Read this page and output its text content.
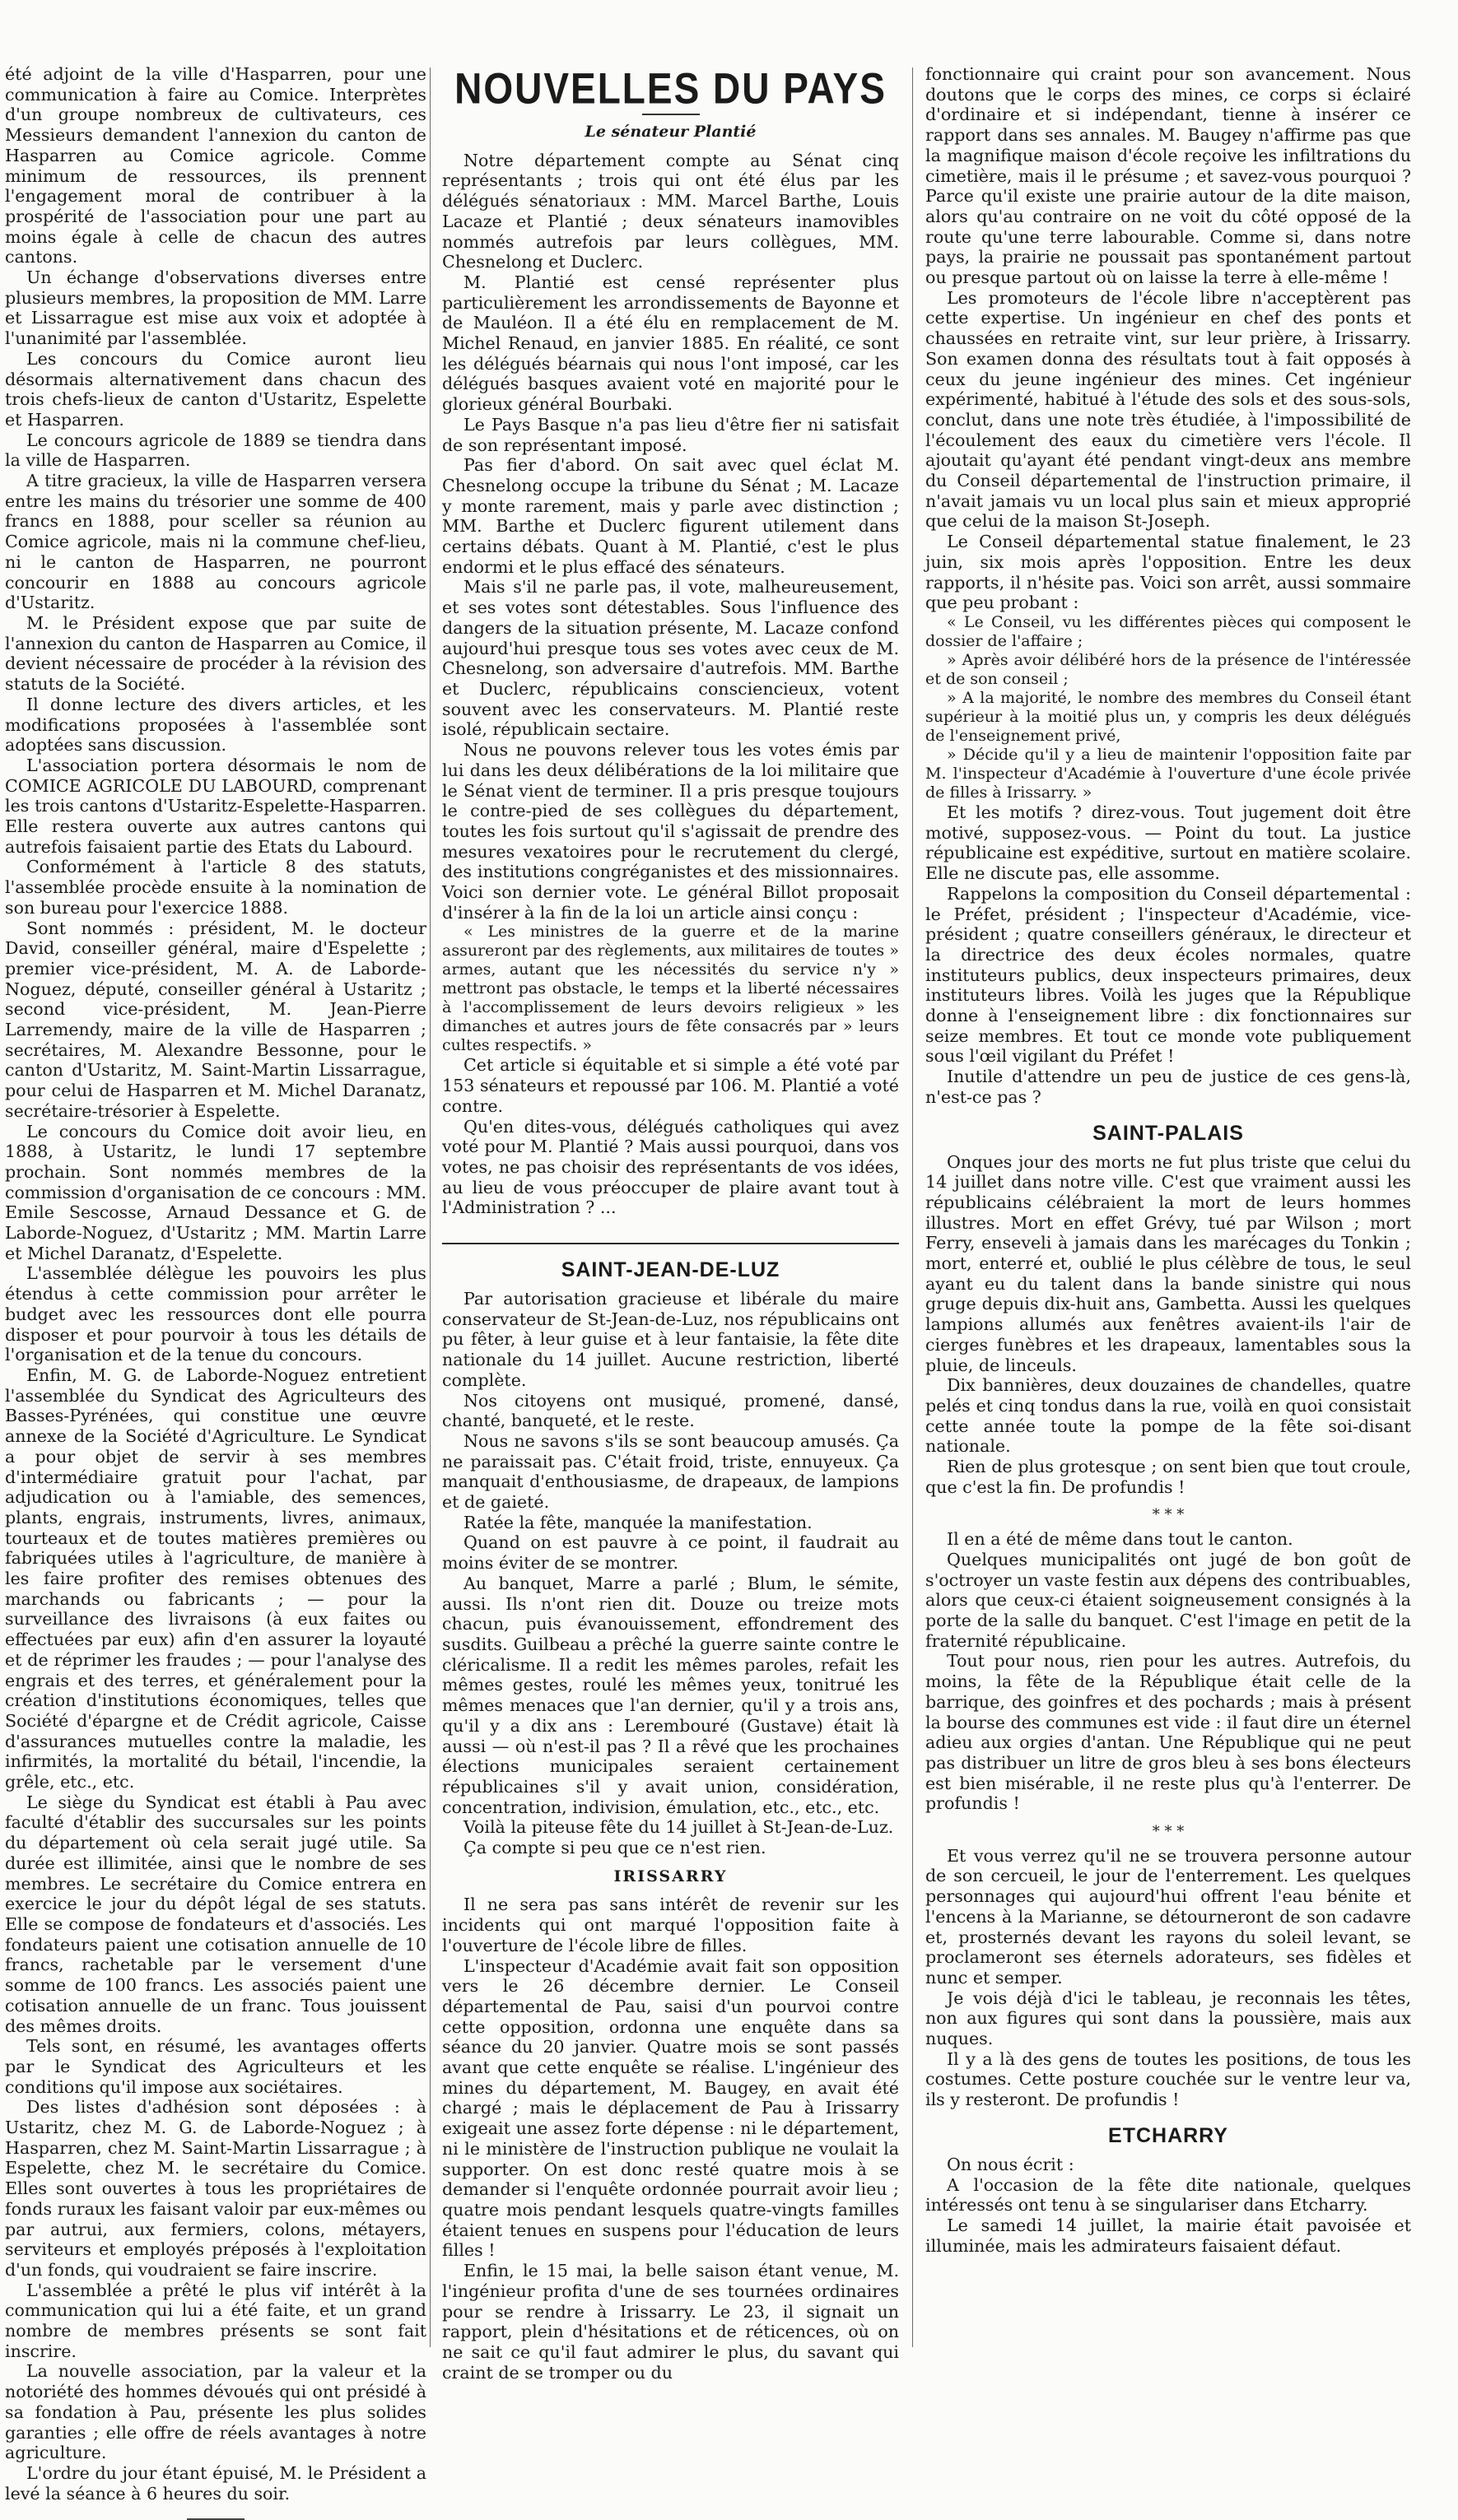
été adjoint de la ville d'Hasparren, pour une communication à faire au Comice. Interprètes d'un groupe nombreux de cultivateurs, ces Messieurs demandent l'annexion du canton de Hasparren au Comice agricole. Comme minimum de ressources, ils prennent l'engagement moral de contribuer à la prospérité de l'association pour une part au moins égale à celle de chacun des autres cantons.

Un échange d'observations diverses entre plusieurs membres, la proposition de MM. Larre et Lissarrague est mise aux voix et adoptée à l'unanimité par l'assemblée.

Les concours du Comice auront lieu désormais alternativement dans chacun des trois chefs-lieux de canton d'Ustaritz, Espelette et Hasparren.

Le concours agricole de 1889 se tiendra dans la ville de Hasparren.

A titre gracieux, la ville de Hasparren versera entre les mains du trésorier une somme de 400 francs en 1888, pour sceller sa réunion au Comice agricole, mais ni la commune chef-lieu, ni le canton de Hasparren, ne pourront concourir en 1888 au concours agricole d'Ustaritz.

M. le Président expose que par suite de l'annexion du canton de Hasparren au Comice, il devient nécessaire de procéder à la révision des statuts de la Société.

Il donne lecture des divers articles, et les modifications proposées à l'assemblée sont adoptées sans discussion.

L'association portera désormais le nom de COMICE AGRICOLE DU LABOURD, comprenant les trois cantons d'Ustaritz-Espelette-Hasparren. Elle restera ouverte aux autres cantons qui autrefois faisaient partie des Etats du Labourd.

Conformément à l'article 8 des statuts, l'assemblée procède ensuite à la nomination de son bureau pour l'exercice 1888.

Sont nommés : président, M. le docteur David, conseiller général, maire d'Espelette ; premier vice-président, M. A. de Laborde-Noguez, député, conseiller général à Ustaritz ; second vice-président, M. Jean-Pierre Larremendy, maire de la ville de Hasparren ; secrétaires, M. Alexandre Bessonne, pour le canton d'Ustaritz, M. Saint-Martin Lissarrague, pour celui de Hasparren et M. Michel Daranatz, secrétaire-trésorier à Espelette.

Le concours du Comice doit avoir lieu, en 1888, à Ustaritz, le lundi 17 septembre prochain. Sont nommés membres de la commission d'organisation de ce concours : MM. Emile Sescosse, Arnaud Dessance et G. de Laborde-Noguez, d'Ustaritz ; MM. Martin Larre et Michel Daranatz, d'Espelette.

L'assemblée délègue les pouvoirs les plus étendus à cette commission pour arrêter le budget avec les ressources dont elle pourra disposer et pour pourvoir à tous les détails de l'organisation et de la tenue du concours.

Enfin, M. G. de Laborde-Noguez entretient l'assemblée du Syndicat des Agriculteurs des Basses-Pyrénées, qui constitue une œuvre annexe de la Société d'Agriculture. Le Syndicat a pour objet de servir à ses membres d'intermédiaire gratuit pour l'achat, par adjudication ou à l'amiable, des semences, plants, engrais, instruments, livres, animaux, tourteaux et de toutes matières premières ou fabriquées utiles à l'agriculture, de manière à les faire profiter des remises obtenues des marchands ou fabricants ; — pour la surveillance des livraisons (à eux faites ou effectuées par eux) afin d'en assurer la loyauté et de réprimer les fraudes ; — pour l'analyse des engrais et des terres, et généralement pour la création d'institutions économiques, telles que Société d'épargne et de Crédit agricole, Caisse d'assurances mutuelles contre la maladie, les infirmités, la mortalité du bétail, l'incendie, la grêle, etc., etc.

Le siège du Syndicat est établi à Pau avec faculté d'établir des succursales sur les points du département où cela serait jugé utile. Sa durée est illimitée, ainsi que le nombre de ses membres. Le secrétaire du Comice entrera en exercice le jour du dépôt légal de ses statuts. Elle se compose de fondateurs et d'associés. Les fondateurs paient une cotisation annuelle de 10 francs, rachetable par le versement d'une somme de 100 francs. Les associés paient une cotisation annuelle de un franc. Tous jouissent des mêmes droits.

Tels sont, en résumé, les avantages offerts par le Syndicat des Agriculteurs et les conditions qu'il impose aux sociétaires.

Des listes d'adhésion sont déposées : à Ustaritz, chez M. G. de Laborde-Noguez ; à Hasparren, chez M. Saint-Martin Lissarrague ; à Espelette, chez M. le secrétaire du Comice. Elles sont ouvertes à tous les propriétaires de fonds ruraux les faisant valoir par eux-mêmes ou par autrui, aux fermiers, colons, métayers, serviteurs et employés préposés à l'exploitation d'un fonds, qui voudraient se faire inscrire.

L'assemblée a prêté le plus vif intérêt à la communication qui lui a été faite, et un grand nombre de membres présents se sont fait inscrire.

La nouvelle association, par la valeur et la notoriété des hommes dévoués qui ont présidé à sa fondation à Pau, présente les plus solides garanties ; elle offre de réels avantages à notre agriculture.

L'ordre du jour étant épuisé, M. le Président a levé la séance à 6 heures du soir.

NOUVELLES DU PAYS
Le sénateur Plantié

Notre département compte au Sénat cinq représentants ; trois qui ont été élus par les délégués sénatoriaux : MM. Marcel Barthe, Louis Lacaze et Plantié ; deux sénateurs inamovibles nommés autrefois par leurs collègues, MM. Chesnelong et Duclerc.

M. Plantié est censé représenter plus particulièrement les arrondissements de Bayonne et de Mauléon. Il a été élu en remplacement de M. Michel Renaud, en janvier 1885. En réalité, ce sont les délégués béarnais qui nous l'ont imposé, car les délégués basques avaient voté en majorité pour le glorieux général Bourbaki.

Le Pays Basque n'a pas lieu d'être fier ni satisfait de son représentant imposé.

Pas fier d'abord. On sait avec quel éclat M. Chesnelong occupe la tribune du Sénat ; M. Lacaze y monte rarement, mais y parle avec distinction ; MM. Barthe et Duclerc figurent utilement dans certains débats. Quant à M. Plantié, c'est le plus endormi et le plus effacé des sénateurs.

Mais s'il ne parle pas, il vote, malheureusement, et ses votes sont détestables. Sous l'influence des dangers de la situation présente, M. Lacaze confond aujourd'hui presque tous ses votes avec ceux de M. Chesnelong, son adversaire d'autrefois. MM. Barthe et Duclerc, républicains consciencieux, votent souvent avec les conservateurs. M. Plantié reste isolé, républicain sectaire.

Nous ne pouvons relever tous les votes émis par lui dans les deux délibérations de la loi militaire que le Sénat vient de terminer. Il a pris presque toujours le contre-pied de ses collègues du département, toutes les fois surtout qu'il s'agissait de prendre des mesures vexatoires pour le recrutement du clergé, des institutions congréganistes et des missionnaires. Voici son dernier vote. Le général Billot proposait d'insérer à la fin de la loi un article ainsi conçu :

« Les ministres de la guerre et de la marine assureront par des règlements, aux militaires de toutes » armes, autant que les nécessités du service n'y » mettront pas obstacle, le temps et la liberté nécessaires à l'accomplissement de leurs devoirs religieux » les dimanches et autres jours de fête consacrés par » leurs cultes respectifs. »

Cet article si équitable et si simple a été voté par 153 sénateurs et repoussé par 106. M. Plantié a voté contre.

Qu'en dites-vous, délégués catholiques qui avez voté pour M. Plantié ? Mais aussi pourquoi, dans vos votes, ne pas choisir des représentants de vos idées, au lieu de vous préoccuper de plaire avant tout à l'Administration ? ...

SAINT-JEAN-DE-LUZ

Par autorisation gracieuse et libérale du maire conservateur de St-Jean-de-Luz, nos républicains ont pu fêter, à leur guise et à leur fantaisie, la fête dite nationale du 14 juillet. Aucune restriction, liberté complète.

Nos citoyens ont musiqué, promené, dansé, chanté, banqueté, et le reste.

Nous ne savons s'ils se sont beaucoup amusés. Ça ne paraissait pas. C'était froid, triste, ennuyeux. Ça manquait d'enthousiasme, de drapeaux, de lampions et de gaieté.

Ratée la fête, manquée la manifestation.

Quand on est pauvre à ce point, il faudrait au moins éviter de se montrer.

Au banquet, Marre a parlé ; Blum, le sémite, aussi. Ils n'ont rien dit. Douze ou treize mots chacun, puis évanouissement, effondrement des susdits. Guilbeau a prêché la guerre sainte contre le cléricalisme. Il a redit les mêmes paroles, refait les mêmes gestes, roulé les mêmes yeux, tonitrué les mêmes menaces que l'an dernier, qu'il y a trois ans, qu'il y a dix ans : Lerembouré (Gustave) était là aussi — où n'est-il pas ? Il a rêvé que les prochaines élections municipales seraient certainement républicaines s'il y avait union, considération, concentration, indivision, émulation, etc., etc., etc.

Voilà la piteuse fête du 14 juillet à St-Jean-de-Luz.

Ça compte si peu que ce n'est rien.

IRISSARRY

Il ne sera pas sans intérêt de revenir sur les incidents qui ont marqué l'opposition faite à l'ouverture de l'école libre de filles.

L'inspecteur d'Académie avait fait son opposition vers le 26 décembre dernier. Le Conseil départemental de Pau, saisi d'un pourvoi contre cette opposition, ordonna une enquête dans sa séance du 20 janvier. Quatre mois se sont passés avant que cette enquête se réalise. L'ingénieur des mines du département, M. Baugey, en avait été chargé ; mais le déplacement de Pau à Irissarry exigeait une assez forte dépense : ni le département, ni le ministère de l'instruction publique ne voulait la supporter. On est donc resté quatre mois à se demander si l'enquête ordonnée pourrait avoir lieu ; quatre mois pendant lesquels quatre-vingts familles étaient tenues en suspens pour l'éducation de leurs filles !

Enfin, le 15 mai, la belle saison étant venue, M. l'ingénieur profita d'une de ses tournées ordinaires pour se rendre à Irissarry. Le 23, il signait un rapport, plein d'hésitations et de réticences, où on ne sait ce qu'il faut admirer le plus, du savant qui craint de se tromper ou du

fonctionnaire qui craint pour son avancement. Nous doutons que le corps des mines, ce corps si éclairé d'ordinaire et si indépendant, tienne à insérer ce rapport dans ses annales. M. Baugey n'affirme pas que la magnifique maison d'école reçoive les infiltrations du cimetière, mais il le présume ; et savez-vous pourquoi ? Parce qu'il existe une prairie autour de la dite maison, alors qu'au contraire on ne voit du côté opposé de la route qu'une terre labourable. Comme si, dans notre pays, la prairie ne poussait pas spontanément partout ou presque partout où on laisse la terre à elle-même !

Les promoteurs de l'école libre n'acceptèrent pas cette expertise. Un ingénieur en chef des ponts et chaussées en retraite vint, sur leur prière, à Irissarry. Son examen donna des résultats tout à fait opposés à ceux du jeune ingénieur des mines. Cet ingénieur expérimenté, habitué à l'étude des sols et des sous-sols, conclut, dans une note très étudiée, à l'impossibilité de l'écoulement des eaux du cimetière vers l'école. Il ajoutait qu'ayant été pendant vingt-deux ans membre du Conseil départemental de l'instruction primaire, il n'avait jamais vu un local plus sain et mieux approprié que celui de la maison St-Joseph.

Le Conseil départemental statue finalement, le 23 juin, six mois après l'opposition. Entre les deux rapports, il n'hésite pas. Voici son arrêt, aussi sommaire que peu probant :

« Le Conseil, vu les différentes pièces qui composent le dossier de l'affaire ;

» Après avoir délibéré hors de la présence de l'intéressée et de son conseil ;

» A la majorité, le nombre des membres du Conseil étant supérieur à la moitié plus un, y compris les deux délégués de l'enseignement privé,

» Décide qu'il y a lieu de maintenir l'opposition faite par M. l'inspecteur d'Académie à l'ouverture d'une école privée de filles à Irissarry. »

Et les motifs ? direz-vous. Tout jugement doit être motivé, supposez-vous. — Point du tout. La justice républicaine est expéditive, surtout en matière scolaire. Elle ne discute pas, elle assomme.

Rappelons la composition du Conseil départemental : le Préfet, président ; l'inspecteur d'Académie, vice-président ; quatre conseillers généraux, le directeur et la directrice des deux écoles normales, quatre instituteurs publics, deux inspecteurs primaires, deux instituteurs libres. Voilà les juges que la République donne à l'enseignement libre : dix fonctionnaires sur seize membres. Et tout ce monde vote publiquement sous l'œil vigilant du Préfet !

Inutile d'attendre un peu de justice de ces gens-là, n'est-ce pas ?

SAINT-PALAIS

Onques jour des morts ne fut plus triste que celui du 14 juillet dans notre ville. C'est que vraiment aussi les républicains célébraient la mort de leurs hommes illustres. Mort en effet Grévy, tué par Wilson ; mort Ferry, enseveli à jamais dans les marécages du Tonkin ; mort, enterré et, oublié le plus célèbre de tous, le seul ayant eu du talent dans la bande sinistre qui nous gruge depuis dix-huit ans, Gambetta. Aussi les quelques lampions allumés aux fenêtres avaient-ils l'air de cierges funèbres et les drapeaux, lamentables sous la pluie, de linceuls.

Dix bannières, deux douzaines de chandelles, quatre pelés et cinq tondus dans la rue, voilà en quoi consistait cette année toute la pompe de la fête soi-disant nationale.

Rien de plus grotesque ; on sent bien que tout croule, que c'est la fin. De profundis !

* * *

Il en a été de même dans tout le canton.

Quelques municipalités ont jugé de bon goût de s'octroyer un vaste festin aux dépens des contribuables, alors que ceux-ci étaient soigneusement consignés à la porte de la salle du banquet. C'est l'image en petit de la fraternité républicaine.

Tout pour nous, rien pour les autres. Autrefois, du moins, la fête de la République était celle de la barrique, des goinfres et des pochards ; mais à présent la bourse des communes est vide : il faut dire un éternel adieu aux orgies d'antan. Une République qui ne peut pas distribuer un litre de gros bleu à ses bons électeurs est bien misérable, il ne reste plus qu'à l'enterrer. De profundis !

* * *

Et vous verrez qu'il ne se trouvera personne autour de son cercueil, le jour de l'enterrement. Les quelques personnages qui aujourd'hui offrent l'eau bénite et l'encens à la Marianne, se détourneront de son cadavre et, prosternés devant les rayons du soleil levant, se proclameront ses éternels adorateurs, ses fidèles et nunc et semper.

Je vois déjà d'ici le tableau, je reconnais les têtes, non aux figures qui sont dans la poussière, mais aux nuques.

Il y a là des gens de toutes les positions, de tous les costumes. Cette posture couchée sur le ventre leur va, ils y resteront. De profundis !

ETCHARRY

On nous écrit :

A l'occasion de la fête dite nationale, quelques intéressés ont tenu à se singulariser dans Etcharry.

Le samedi 14 juillet, la mairie était pavoisée et illuminée, mais les admirateurs faisaient défaut.
